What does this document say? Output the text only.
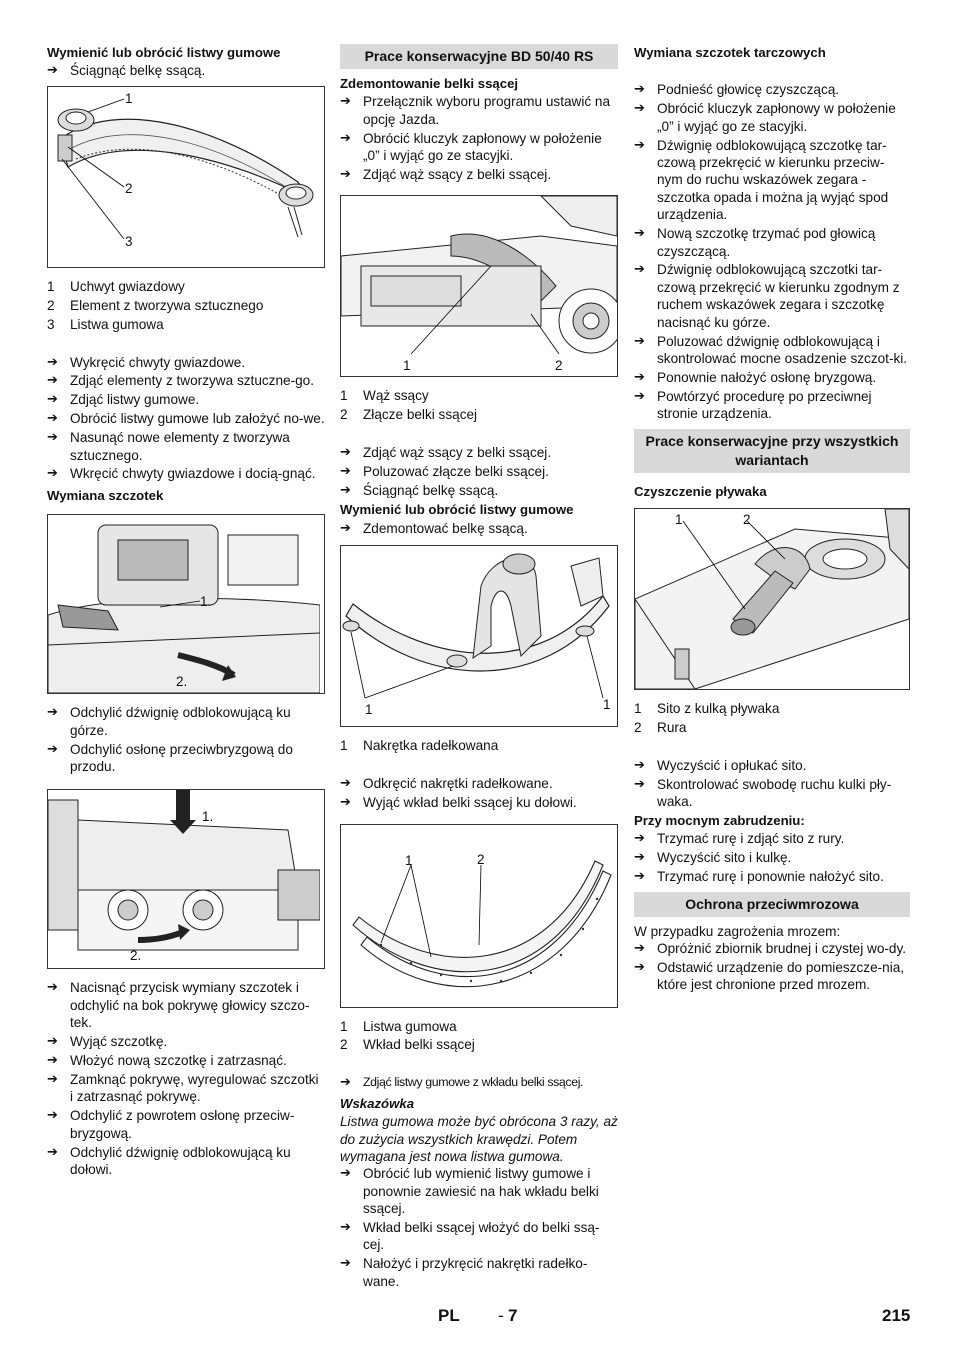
Wymienić lub obrócić listwy gumowe
➔ Ściągnąć belkę ssącą.
1
2
3
1	Uchwyt gwiazdowy
2	Element z tworzywa sztucznego
3	Listwa gumowa
➔ Wykręcić chwyty gwiazdowe.
➔ Zdjąć elementy z tworzywa sztuczne-go.
➔ Zdjąć listwy gumowe.
➔ Obrócić listwy gumowe lub założyć no-we.
➔ Nasunąć nowe elementy z tworzywa sztucznego.
➔ Wkręcić chwyty gwiazdowe i docią-gnąć.
Wymiana szczotek
1.
2.
➔ Odchylić dźwignię odblokowującą ku górze.
➔ Odchylić osłonę przeciwbryzgową do przodu.
1.
2.
➔ Nacisnąć przycisk wymiany szczotek i odchylić na bok pokrywę głowicy szczo-tek.
➔ Wyjąć szczotkę.
➔ Włożyć nową szczotkę i zatrzasnąć.
➔ Zamknąć pokrywę, wyregulować szczotki i zatrzasnąć pokrywę.
➔ Odchylić z powrotem osłonę przeciw-bryzgową.
➔ Odchylić dźwignię odblokowującą ku dołowi.
Prace konserwacyjne BD 50/40 RS
Zdemontowanie belki ssącej
➔ Przełącznik wyboru programu ustawić na opcję Jazda.
➔ Obrócić kluczyk zapłonowy w położenie „0” i wyjąć go ze stacyjki.
➔ Zdjąć wąż ssący z belki ssącej.
1	2
1	Wąż ssący
2	Złącze belki ssącej
➔ Zdjąć wąż ssący z belki ssącej.
➔ Poluzować złącze belki ssącej.
➔ Ściągnąć belkę ssącą.
Wymienić lub obrócić listwy gumowe
➔ Zdemontować belkę ssącą.
1	1
1	Nakrętka radełkowana
➔ Odkręcić nakrętki radełkowane.
➔ Wyjąć wkład belki ssącej ku dołowi.
1	2
1	Listwa gumowa
2	Wkład belki ssącej
➔ Zdjąć listwy gumowe z wkładu belki ssącej.
Wskazówka

Listwa gumowa może być obrócona 3 razy, aż do zużycia wszystkich krawędzi. Potem wymagana jest nowa listwa gumowa.

➔ Obrócić lub wymienić listwy gumowe i ponownie zawiesić na hak wkładu belki ssącej.
➔ Wkład belki ssącej włożyć do belki ssą-cej.
➔ Nałożyć i przykręcić nakrętki radełko-wane.
Wymiana szczotek tarczowych
➔ Podnieść głowicę czyszczącą.
➔ Obrócić kluczyk zapłonowy w położenie „0” i wyjąć go ze stacyjki.
➔ Dźwignię odblokowującą szczotkę tar-czową przekręcić w kierunku przeciw-nym do ruchu wskazówek zegara - szczotka opada i można ją wyjąć spod urządzenia.
➔ Nową szczotkę trzymać pod głowicą czyszczącą.
➔ Dźwignię odblokowującą szczotki tar-czową przekręcić w kierunku zgodnym z ruchem wskazówek zegara i szczotkę nacisnąć ku górze.
➔ Poluzować dźwignię odblokowującą i skontrolować mocne osadzenie szczot-ki.
➔ Ponownie nałożyć osłonę bryzgową.
➔ Powtórzyć procedurę po przeciwnej stronie urządzenia.
Prace konserwacyjne przy wszystkich wariantach
Czyszczenie pływaka
1	2
1	Sito z kulką pływaka
2	Rura
➔ Wyczyścić i opłukać sito.
➔ Skontrolować swobodę ruchu kulki pły-waka.
Przy mocnym zabrudzeniu:
➔ Trzymać rurę i zdjąć sito z rury.
➔ Wyczyścić sito i kulkę.
➔ Trzymać rurę i ponownie nałożyć sito.
Ochrona przeciwmrozowa

W przypadku zagrożenia mrozem:

➔ Opróżnić zbiornik brudnej i czystej wo-dy.
➔ Odstawić urządzenie do pomieszcze-nia, które jest chronione przed mrozem.
PL - 7	215
